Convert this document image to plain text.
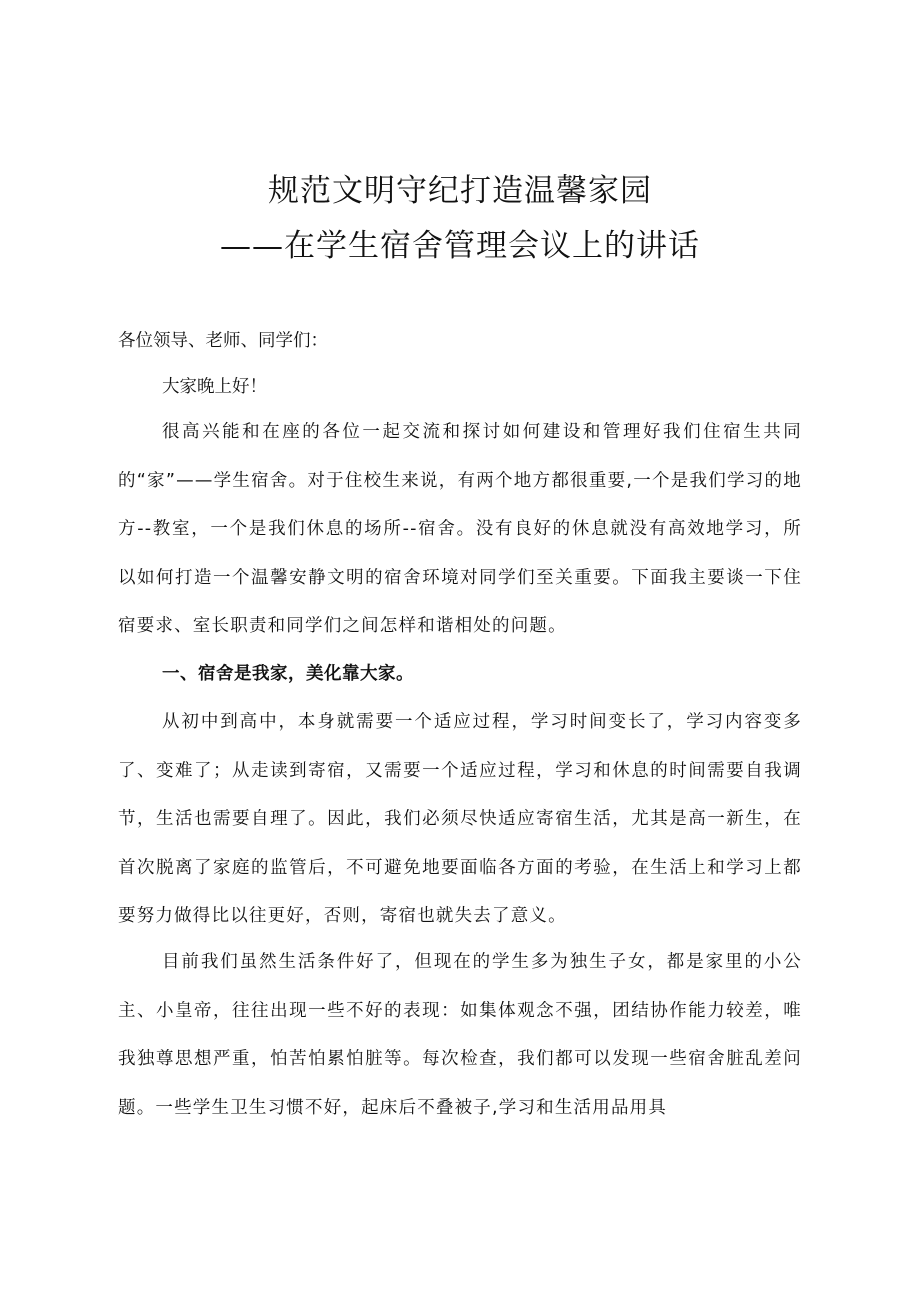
规范文明守纪打造温馨家园
——在学生宿舍管理会议上的讲话
各位领导、老师、同学们：
大家晚上好！
很高兴能和在座的各位一起交流和探讨如何建设和管理好我们住宿生共同的“家”——学生宿舍。对于住校生来说，有两个地方都很重要,一个是我们学习的地方--教室，一个是我们休息的场所--宿舍。没有良好的休息就没有高效地学习，所以如何打造一个温馨安静文明的宿舍环境对同学们至关重要。下面我主要谈一下住宿要求、室长职责和同学们之间怎样和谐相处的问题。
一、宿舍是我家，美化靠大家。
从初中到高中，本身就需要一个适应过程，学习时间变长了，学习内容变多了、变难了；从走读到寄宿，又需要一个适应过程，学习和休息的时间需要自我调节，生活也需要自理了。因此，我们必须尽快适应寄宿生活，尤其是高一新生，在首次脱离了家庭的监管后，不可避免地要面临各方面的考验，在生活上和学习上都要努力做得比以往更好，否则，寄宿也就失去了意义。
目前我们虽然生活条件好了，但现在的学生多为独生子女，都是家里的小公主、小皇帝，往往出现一些不好的表现：如集体观念不强，团结协作能力较差，唯我独尊思想严重，怕苦怕累怕脏等。每次检查，我们都可以发现一些宿舍脏乱差问题。一些学生卫生习惯不好，起床后不叠被子,学习和生活用品用具
